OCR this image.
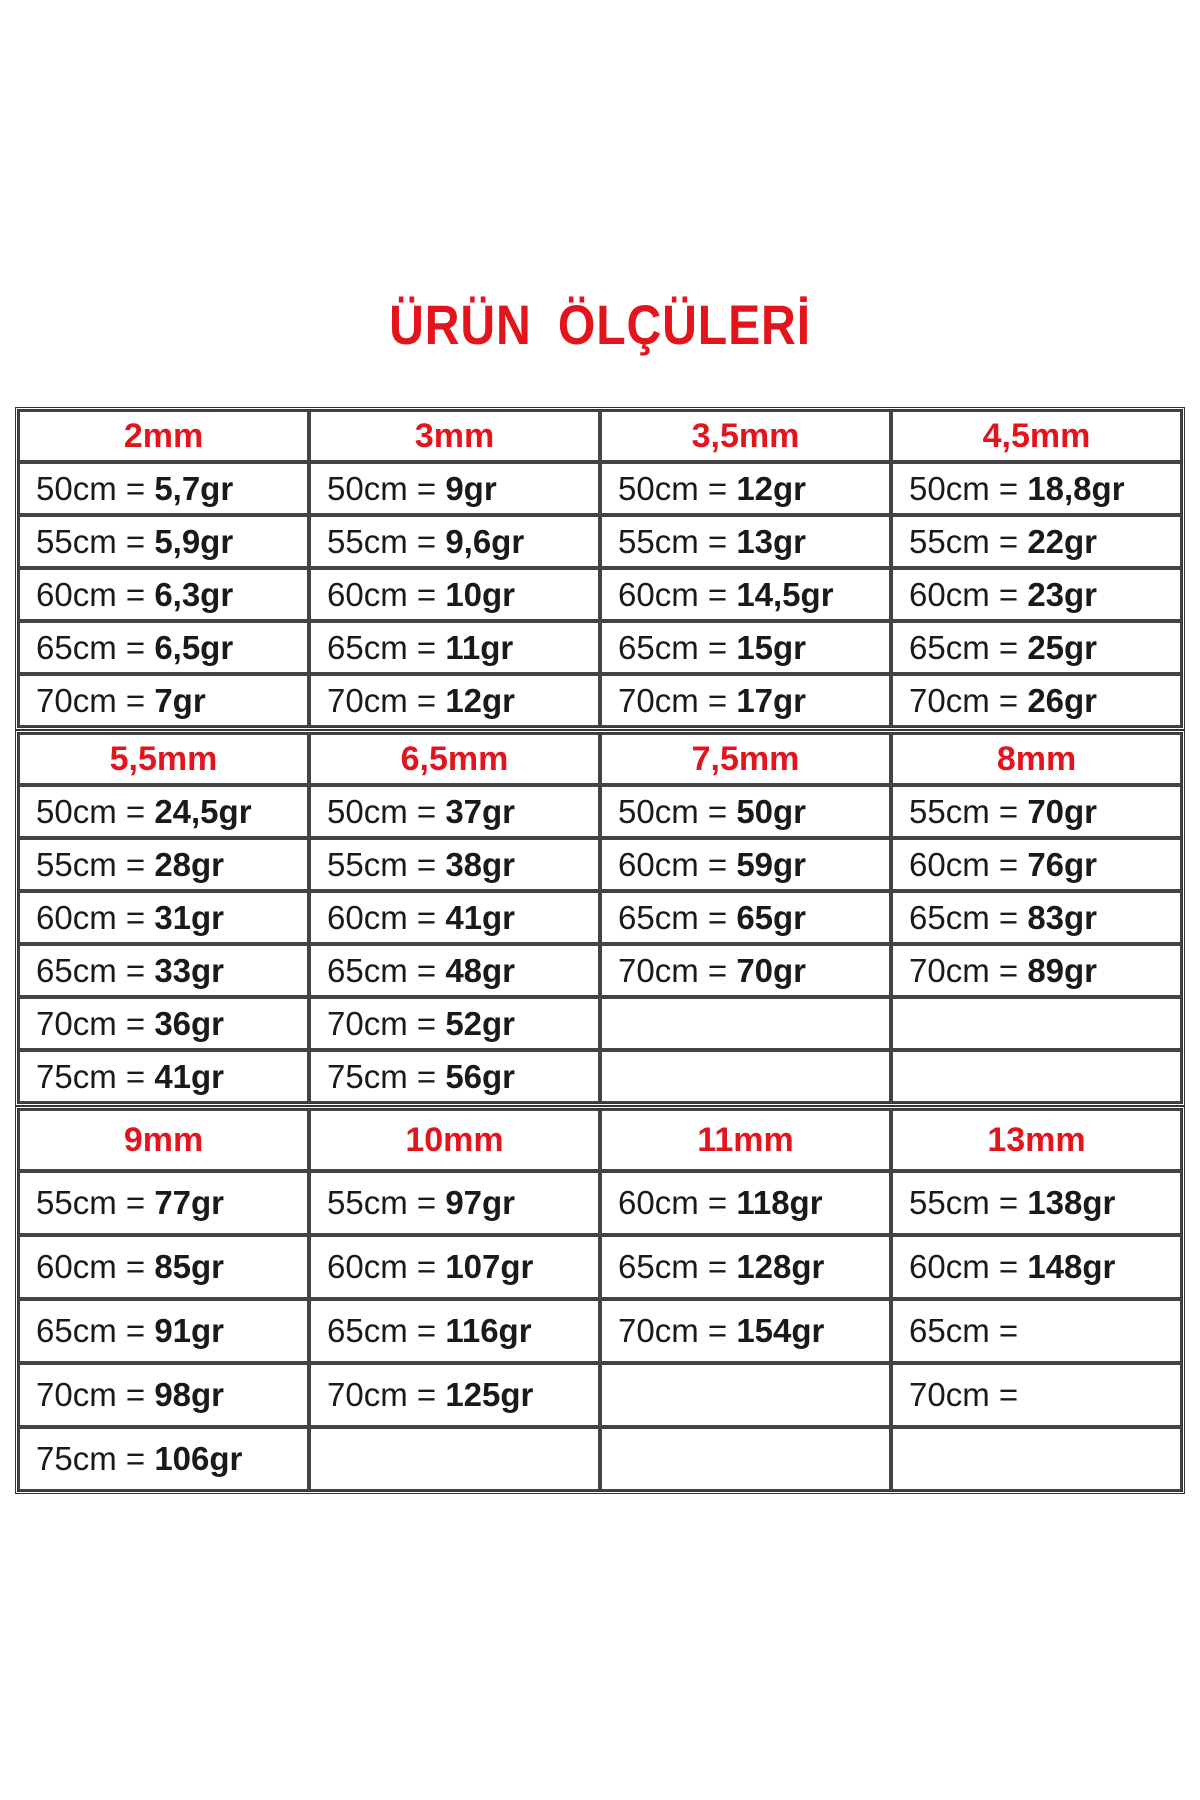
ÜRÜN ÖLÇÜLERİ
2mm	3mm	3,5mm	4,5mm
50cm = 5,7gr	50cm = 9gr	50cm = 12gr	50cm = 18,8gr
55cm = 5,9gr	55cm = 9,6gr	55cm = 13gr	55cm = 22gr
60cm = 6,3gr	60cm = 10gr	60cm = 14,5gr	60cm = 23gr
65cm = 6,5gr	65cm = 11gr	65cm = 15gr	65cm = 25gr
70cm = 7gr	70cm = 12gr	70cm = 17gr	70cm = 26gr
5,5mm	6,5mm	7,5mm	8mm
50cm = 24,5gr	50cm = 37gr	50cm = 50gr	55cm = 70gr
55cm = 28gr	55cm = 38gr	60cm = 59gr	60cm = 76gr
60cm = 31gr	60cm = 41gr	65cm = 65gr	65cm = 83gr
65cm = 33gr	65cm = 48gr	70cm = 70gr	70cm = 89gr
70cm = 36gr	70cm = 52gr		
75cm = 41gr	75cm = 56gr		
9mm	10mm	11mm	13mm
55cm = 77gr	55cm = 97gr	60cm = 118gr	55cm = 138gr
60cm = 85gr	60cm = 107gr	65cm = 128gr	60cm = 148gr
65cm = 91gr	65cm = 116gr	70cm = 154gr	65cm =
70cm = 98gr	70cm = 125gr		70cm =
75cm = 106gr			
